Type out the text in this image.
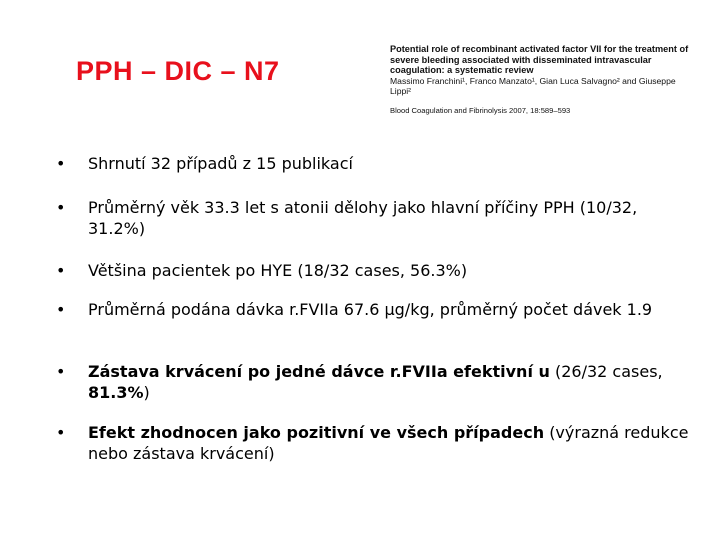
PPH – DIC – N7
Potential role of recombinant activated factor VII for the treatment of severe bleeding associated with disseminated intravascular coagulation: a systematic review
Massimo Franchini¹, Franco Manzato¹, Gian Luca Salvagno² and Giuseppe Lippi²
Blood Coagulation and Fibrinolysis 2007, 18:589–593
•	Shrnutí 32 případů z 15 publikací
•	Průměrný věk 33.3 let s atonii dělohy jako hlavní příčiny PPH (10/32, 31.2%)
•	Většina pacientek po HYE (18/32 cases, 56.3%)
•	Průměrná podána dávka r.FVIIa 67.6 µg/kg, průměrný počet dávek 1.9
•	Zástava krvácení po jedné dávce r.FVIIa efektivní u (26/32 cases, 81.3%)
•	Efekt zhodnocen jako pozitivní ve všech případech (výrazná redukce nebo zástava krvácení)
